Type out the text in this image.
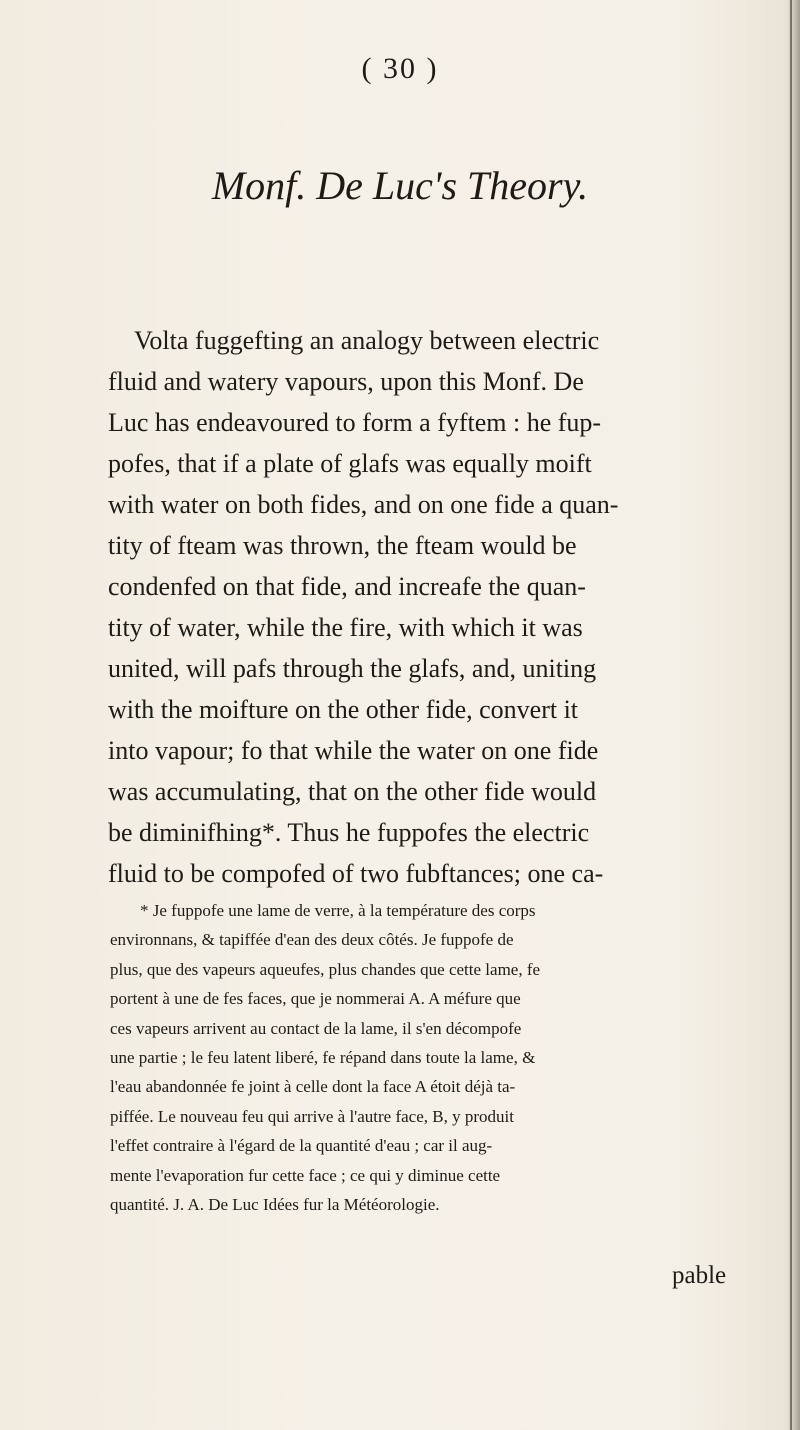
( 30 )
Monf. De Luc's Theory.
Volta fuggefting an analogy between electric
fluid and watery vapours, upon this Monf. De
Luc has endeavoured to form a fyftem : he fup-
pofes, that if a plate of glafs was equally moift
with water on both fides, and on one fide a quan-
tity of fteam was thrown, the fteam would be
condenfed on that fide, and increafe the quan-
tity of water, while the fire, with which it was
united, will pafs through the glafs, and, uniting
with the moifture on the other fide, convert it
into vapour; fo that while the water on one fide
was accumulating, that on the other fide would
be diminifhing*. Thus he fuppofes the electric
fluid to be compofed of two fubftances; one ca-
* Je fuppofe une lame de verre, à la température des corps
environnans, & tapiffée d'ean des deux côtés. Je fuppofe de
plus, que des vapeurs aqueufes, plus chandes que cette lame, fe
portent à une de fes faces, que je nommerai A. A méfure que
ces vapeurs arrivent au contact de la lame, il s'en décompofe
une partie ; le feu latent liberé, fe répand dans toute la lame, &
l'eau abandonnée fe joint à celle dont la face A étoit déjà ta-
piffée. Le nouveau feu qui arrive à l'autre face, B, y produit
l'effet contraire à l'égard de la quantité d'eau ; car il aug-
mente l'evaporation fur cette face ; ce qui y diminue cette
quantité. J. A. De Luc Idées fur la Météorologie.
pable
